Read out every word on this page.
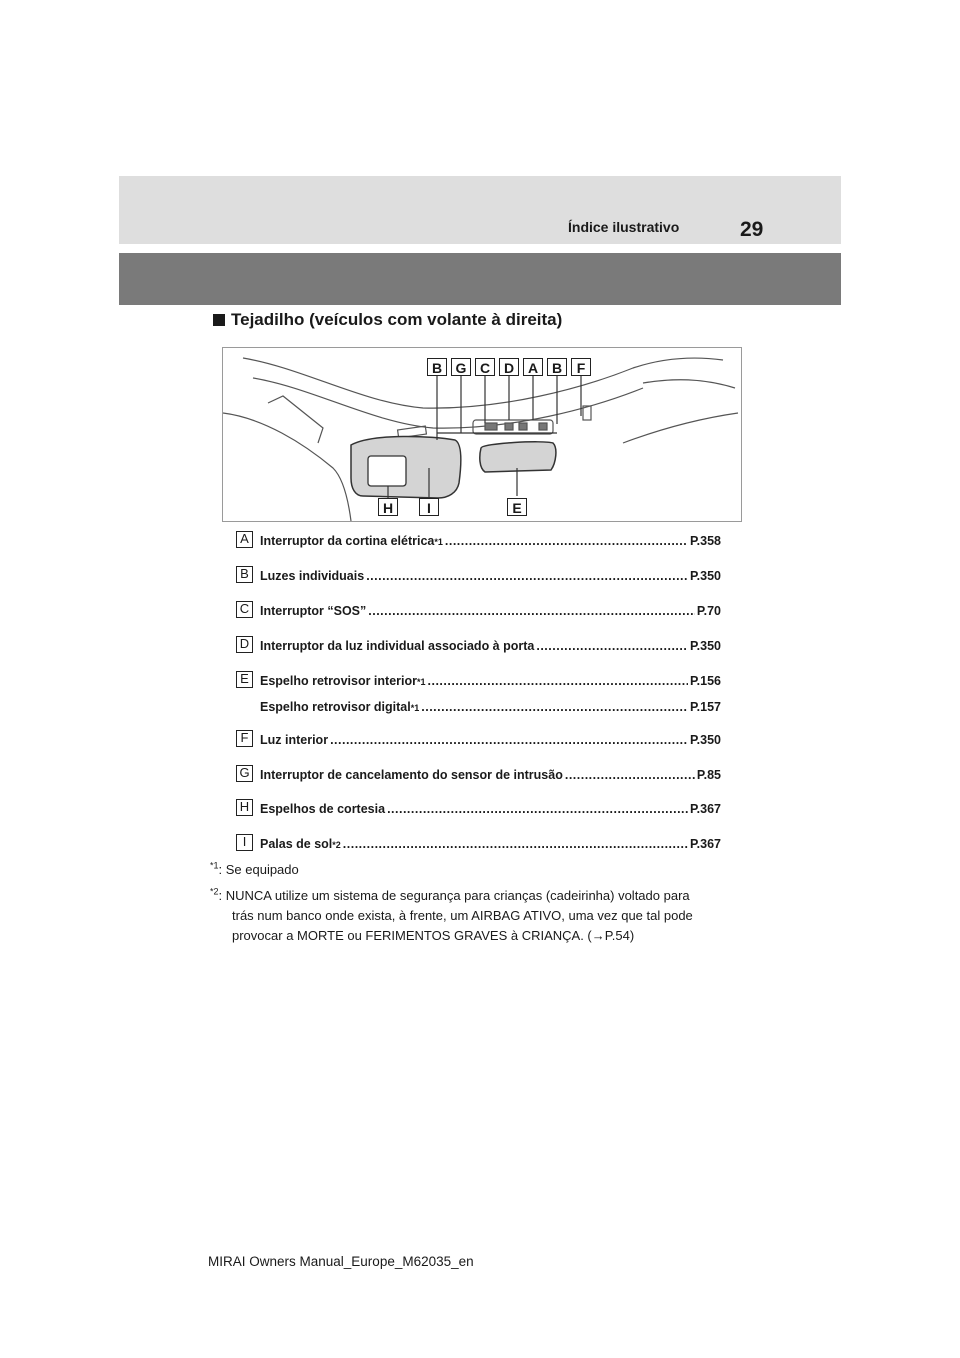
Índice ilustrativo	29
Tejadilho (veículos com volante à direita)
B G C D A B	F
H	I	E
A Interruptor da cortina elétrica *1 .....	P.358
B Luzes individuais .....	P.350
C Interruptor “SOS” .....	P.70
D Interruptor da luz individual associado à porta .....	P.350
E Espelho retrovisor interior *1 .....	P.156
Espelho retrovisor digital *1 .....	P.157
F Luz interior .....	P.350
G Interruptor de cancelamento do sensor de intrusão .....	P.85
H Espelhos de cortesia .....	P.367
I	Palas de sol *2 .....	P.367
$^{*1}$: Se equipado
$^{*2}$: NUNCA utilize um sistema de segurança para crianças (cadeirinha) voltado para
trás num banco onde exista, à frente, um AIRBAG ATIVO, uma vez que tal pode
provocar a MORTE ou FERIMENTOS GRAVES à CRIANÇA. (→P.54)
MIRAI Owners Manual_Europe_M62035_en
